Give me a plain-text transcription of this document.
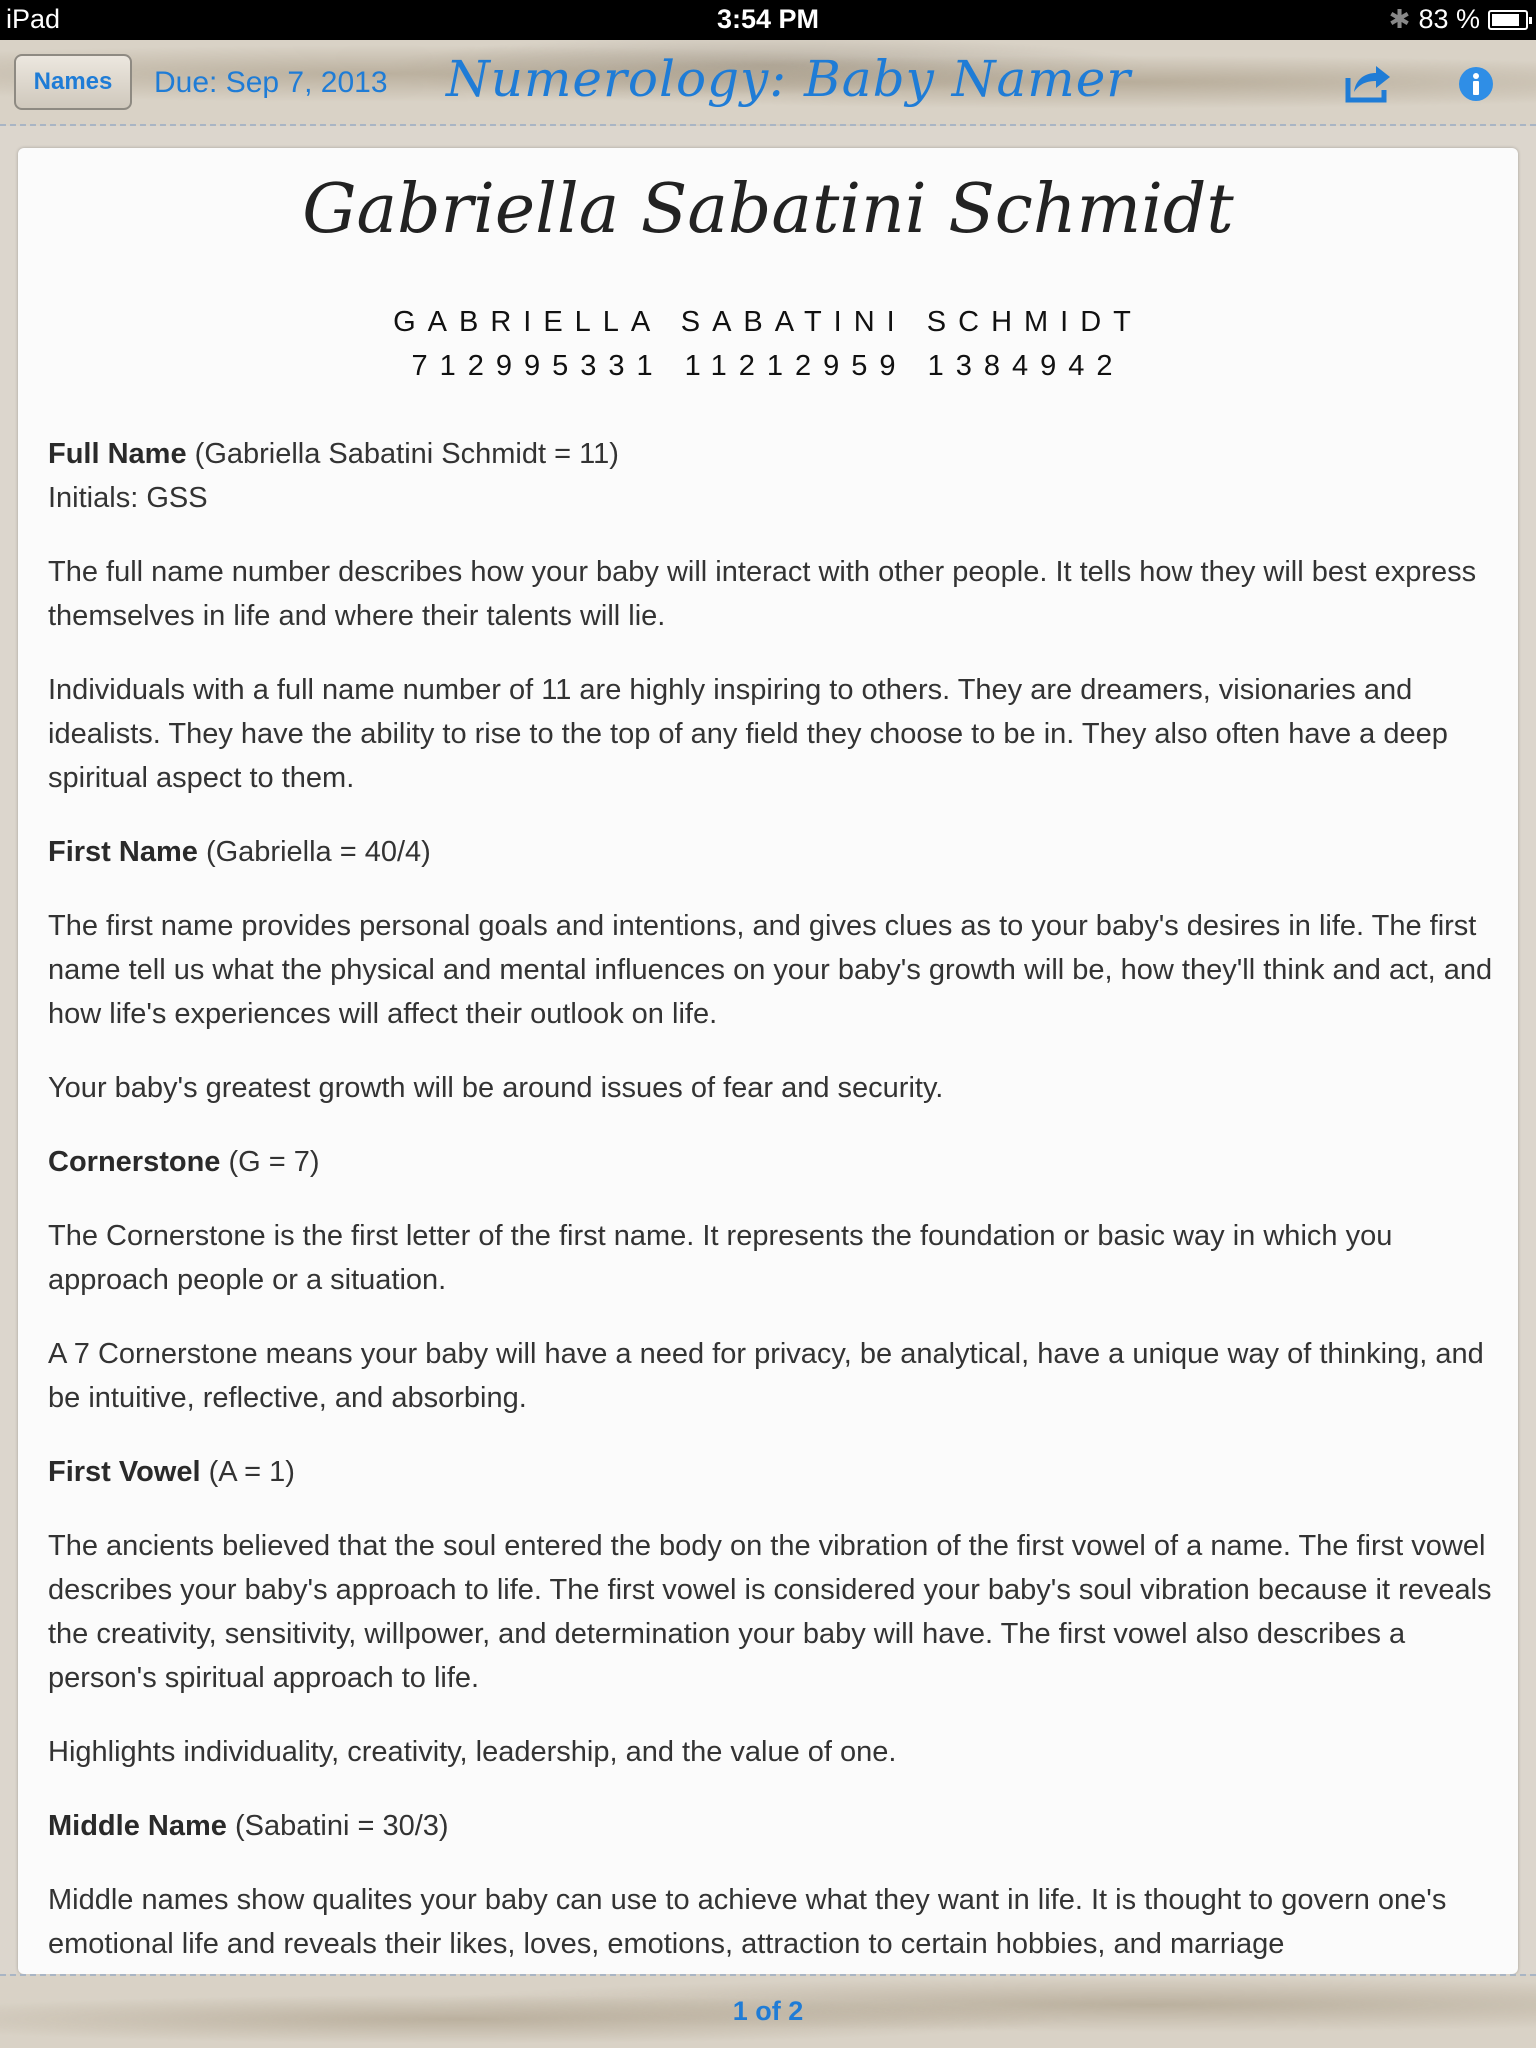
iPad	3:54 PM	✱ 83 %
Names	Due: Sep 7, 2013 Numerology: Baby Namer
Gabriella Sabatini Schmidt
GABRIELLA SABATINI SCHMIDT
712995331 11212959 1384942

Full Name (Gabriella Sabatini Schmidt = 11)

Initials: GSS

The full name number describes how your baby will interact with other people. It tells how they will best express themselves in life and where their talents will lie.

Individuals with a full name number of 11 are highly inspiring to others. They are dreamers, visionaries and idealists. They have the ability to rise to the top of any field they choose to be in. They also often have a deep spiritual aspect to them.

First Name (Gabriella = 40/4)

The first name provides personal goals and intentions, and gives clues as to your baby's desires in life. The first name tell us what the physical and mental influences on your baby's growth will be, how they'll think and act, and how life's experiences will affect their outlook on life.

Your baby's greatest growth will be around issues of fear and security.

Cornerstone (G = 7)

The Cornerstone is the first letter of the first name. It represents the foundation or basic way in which you approach people or a situation.

A 7 Cornerstone means your baby will have a need for privacy, be analytical, have a unique way of thinking, and be intuitive, reflective, and absorbing.

First Vowel (A = 1)

The ancients believed that the soul entered the body on the vibration of the first vowel of a name. The first vowel describes your baby's approach to life. The first vowel is considered your baby's soul vibration because it reveals the creativity, sensitivity, willpower, and determination your baby will have. The first vowel also describes a person's spiritual approach to life.

Highlights individuality, creativity, leadership, and the value of one.

Middle Name (Sabatini = 30/3)

Middle names show qualites your baby can use to achieve what they want in life. It is thought to govern one's emotional life and reveals their likes, loves, emotions, attraction to certain hobbies, and marriage

1 of 2
